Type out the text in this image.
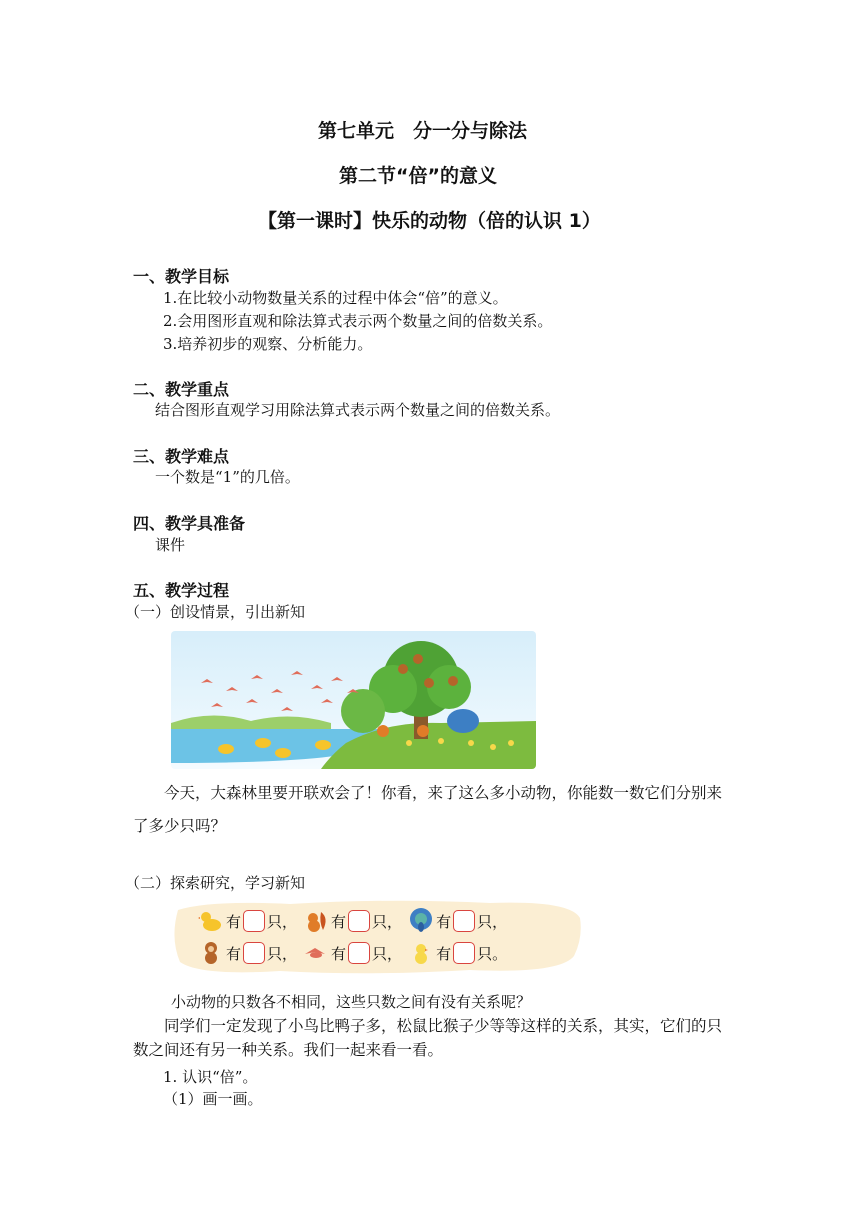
第七单元　分一分与除法
第二节“倍”的意义
【第一课时】快乐的动物（倍的认识 1）
一、教学目标
1.在比较小动物数量关系的过程中体会“倍”的意义。
2.会用图形直观和除法算式表示两个数量之间的倍数关系。
3.培养初步的观察、分析能力。
二、教学重点
结合图形直观学习用除法算式表示两个数量之间的倍数关系。
三、教学难点
一个数是“1”的几倍。
四、教学具准备
课件
五、教学过程
（一）创设情景，引出新知
今天，大森林里要开联欢会了！你看，来了这么多小动物，你能数一数它们分别来了多少只吗？
（二）探索研究，学习新知
有 只， 有 只， 有 只，
有 只， 有 只， 有 只。
小动物的只数各不相同，这些只数之间有没有关系呢？
同学们一定发现了小鸟比鸭子多，松鼠比猴子少等等这样的关系，其实，它们的只数之间还有另一种关系。我们一起来看一看。
1. 认识“倍”。
（1）画一画。
